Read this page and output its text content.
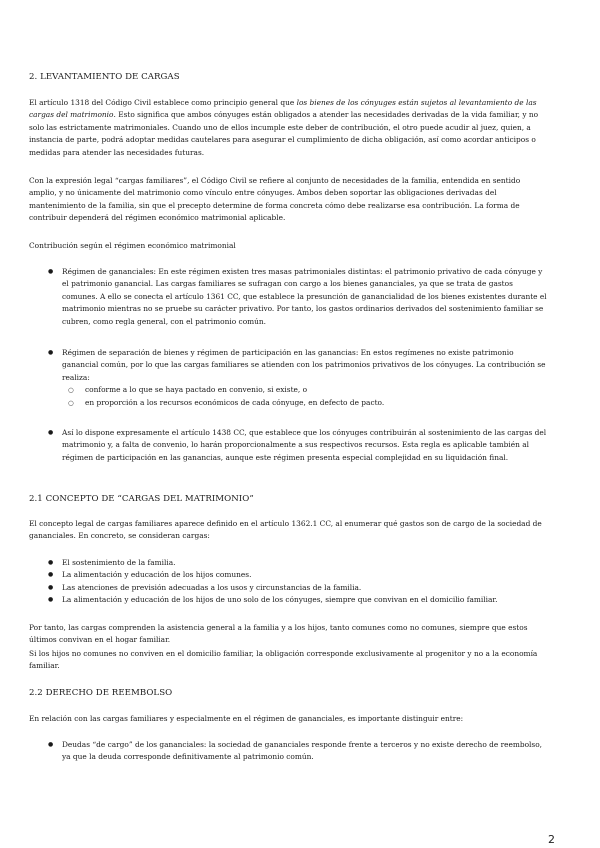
2. LEVANTAMIENTO DE CARGAS

El artículo 1318 del Código Civil establece como principio general que los bienes de los cónyuges están sujetos al levantamiento de las cargas del matrimonio. Esto significa que ambos cónyuges están obligados a atender las necesidades derivadas de la vida familiar, y no solo las estrictamente matrimoniales. Cuando uno de ellos incumple este deber de contribución, el otro puede acudir al juez, quien, a instancia de parte, podrá adoptar medidas cautelares para asegurar el cumplimiento de dicha obligación, así como acordar anticipos o medidas para atender las necesidades futuras.

Con la expresión legal “cargas familiares”, el Código Civil se refiere al conjunto de necesidades de la familia, entendida en sentido amplio, y no únicamente del matrimonio como vínculo entre cónyuges. Ambos deben soportar las obligaciones derivadas del mantenimiento de la familia, sin que el precepto determine de forma concreta cómo debe realizarse esa contribución. La forma de contribuir dependerá del régimen económico matrimonial aplicable.

Contribución según el régimen económico matrimonial
● Régimen de gananciales: En este régimen existen tres masas patrimoniales distintas: el patrimonio privativo de cada cónyuge y el patrimonio ganancial. Las cargas familiares se sufragan con cargo a los bienes gananciales, ya que se trata de gastos comunes. A ello se conecta el artículo 1361 CC, que establece la presunción de ganancialidad de los bienes existentes durante el matrimonio mientras no se pruebe su carácter privativo. Por tanto, los gastos ordinarios derivados del sostenimiento familiar se cubren, como regla general, con el patrimonio común.
● Régimen de separación de bienes y régimen de participación en las ganancias: En estos regímenes no existe patrimonio ganancial común, por lo que las cargas familiares se atienden con los patrimonios privativos de los cónyuges. La contribución se realiza:
○ conforme a lo que se haya pactado en convenio, si existe, o
○ en proporción a los recursos económicos de cada cónyuge, en defecto de pacto.
● Así lo dispone expresamente el artículo 1438 CC, que establece que los cónyuges contribuirán al sostenimiento de las cargas del matrimonio y, a falta de convenio, lo harán proporcionalmente a sus respectivos recursos. Esta regla es aplicable también al régimen de participación en las ganancias, aunque este régimen presenta especial complejidad en su liquidación final.
2.1 CONCEPTO DE “CARGAS DEL MATRIMONIO”

El concepto legal de cargas familiares aparece definido en el artículo 1362.1 CC, al enumerar qué gastos son de cargo de la sociedad de gananciales. En concreto, se consideran cargas:

● El sostenimiento de la familia.
● La alimentación y educación de los hijos comunes.
● Las atenciones de previsión adecuadas a los usos y circunstancias de la familia.
● La alimentación y educación de los hijos de uno solo de los cónyuges, siempre que convivan en el domicilio familiar.

Por tanto, las cargas comprenden la asistencia general a la familia y a los hijos, tanto comunes como no comunes, siempre que estos últimos convivan en el hogar familiar.

Si los hijos no comunes no conviven en el domicilio familiar, la obligación corresponde exclusivamente al progenitor y no a la economía familiar.

2.2 DERECHO DE REEMBOLSO

En relación con las cargas familiares y especialmente en el régimen de gananciales, es importante distinguir entre:

● Deudas “de cargo” de los gananciales: la sociedad de gananciales responde frente a terceros y no existe derecho de reembolso, ya que la deuda corresponde definitivamente al patrimonio común.
2
